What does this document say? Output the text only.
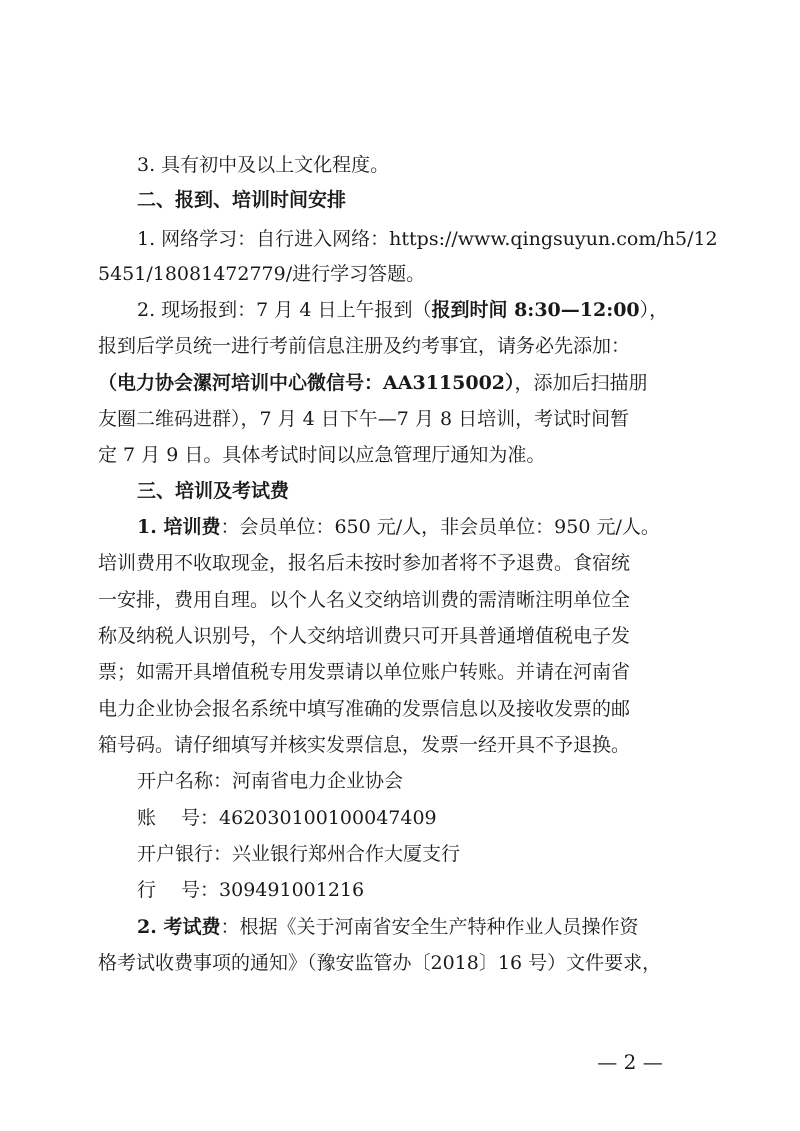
3. 具有初中及以上文化程度。
二、报到、培训时间安排
1. 网络学习：自行进入网络：https://www.qingsuyun.com/h5/12
5451/18081472779/进行学习答题。
2. 现场报到：7 月 4 日上午报到（报到时间 8:30—12:00），
报到后学员统一进行考前信息注册及约考事宜，请务必先添加：
（电力协会漯河培训中心微信号：AA3115002），添加后扫描朋
友圈二维码进群），7 月 4 日下午—7 月 8 日培训，考试时间暂
定 7 月 9 日。具体考试时间以应急管理厅通知为准。
三、培训及考试费
1. 培训费：会员单位：650 元/人，非会员单位：950 元/人。
培训费用不收取现金，报名后未按时参加者将不予退费。食宿统
一安排，费用自理。以个人名义交纳培训费的需清晰注明单位全
称及纳税人识别号，个人交纳培训费只可开具普通增值税电子发
票；如需开具增值税专用发票请以单位账户转账。并请在河南省
电力企业协会报名系统中填写准确的发票信息以及接收发票的邮
箱号码。请仔细填写并核实发票信息，发票一经开具不予退换。
开户名称：河南省电力企业协会
账　 号：462030100100047409
开户银行：兴业银行郑州合作大厦支行
行　 号：309491001216
2. 考试费：根据《关于河南省安全生产特种作业人员操作资
格考试收费事项的通知》（豫安监管办〔2018〕16 号）文件要求，
— 2 —
